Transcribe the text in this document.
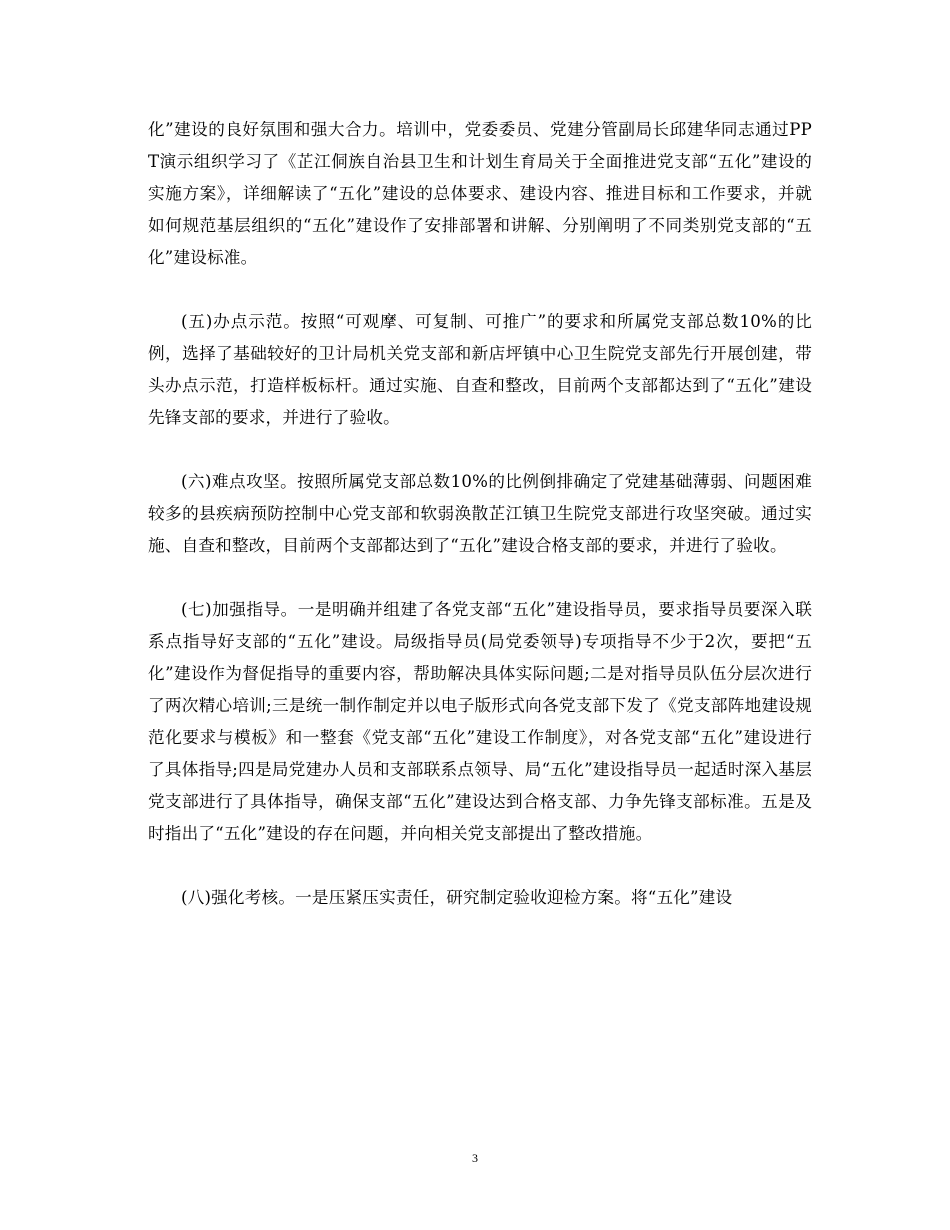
化”建设的良好氛围和强大合力。培训中，党委委员、党建分管副局长邱建华同志通过PPT演示组织学习了《芷江侗族自治县卫生和计划生育局关于全面推进党支部“五化”建设的实施方案》，详细解读了“五化”建设的总体要求、建设内容、推进目标和工作要求，并就如何规范基层组织的“五化”建设作了安排部署和讲解、分别阐明了不同类别党支部的“五化”建设标准。

(五)办点示范。按照“可观摩、可复制、可推广”的要求和所属党支部总数10%的比例，选择了基础较好的卫计局机关党支部和新店坪镇中心卫生院党支部先行开展创建，带头办点示范，打造样板标杆。通过实施、自查和整改，目前两个支部都达到了“五化”建设先锋支部的要求，并进行了验收。

(六)难点攻坚。按照所属党支部总数10%的比例倒排确定了党建基础薄弱、问题困难较多的县疾病预防控制中心党支部和软弱涣散芷江镇卫生院党支部进行攻坚突破。通过实施、自查和整改，目前两个支部都达到了“五化”建设合格支部的要求，并进行了验收。

(七)加强指导。一是明确并组建了各党支部“五化”建设指导员，要求指导员要深入联系点指导好支部的“五化”建设。局级指导员(局党委领导)专项指导不少于2次，要把“五化”建设作为督促指导的重要内容，帮助解决具体实际问题;二是对指导员队伍分层次进行了两次精心培训;三是统一制作制定并以电子版形式向各党支部下发了《党支部阵地建设规范化要求与模板》和一整套《党支部“五化”建设工作制度》，对各党支部“五化”建设进行了具体指导;四是局党建办人员和支部联系点领导、局“五化”建设指导员一起适时深入基层党支部进行了具体指导，确保支部“五化”建设达到合格支部、力争先锋支部标准。五是及时指出了“五化”建设的存在问题，并向相关党支部提出了整改措施。

(八)强化考核。一是压紧压实责任，研究制定验收迎检方案。将“五化”建设

3
